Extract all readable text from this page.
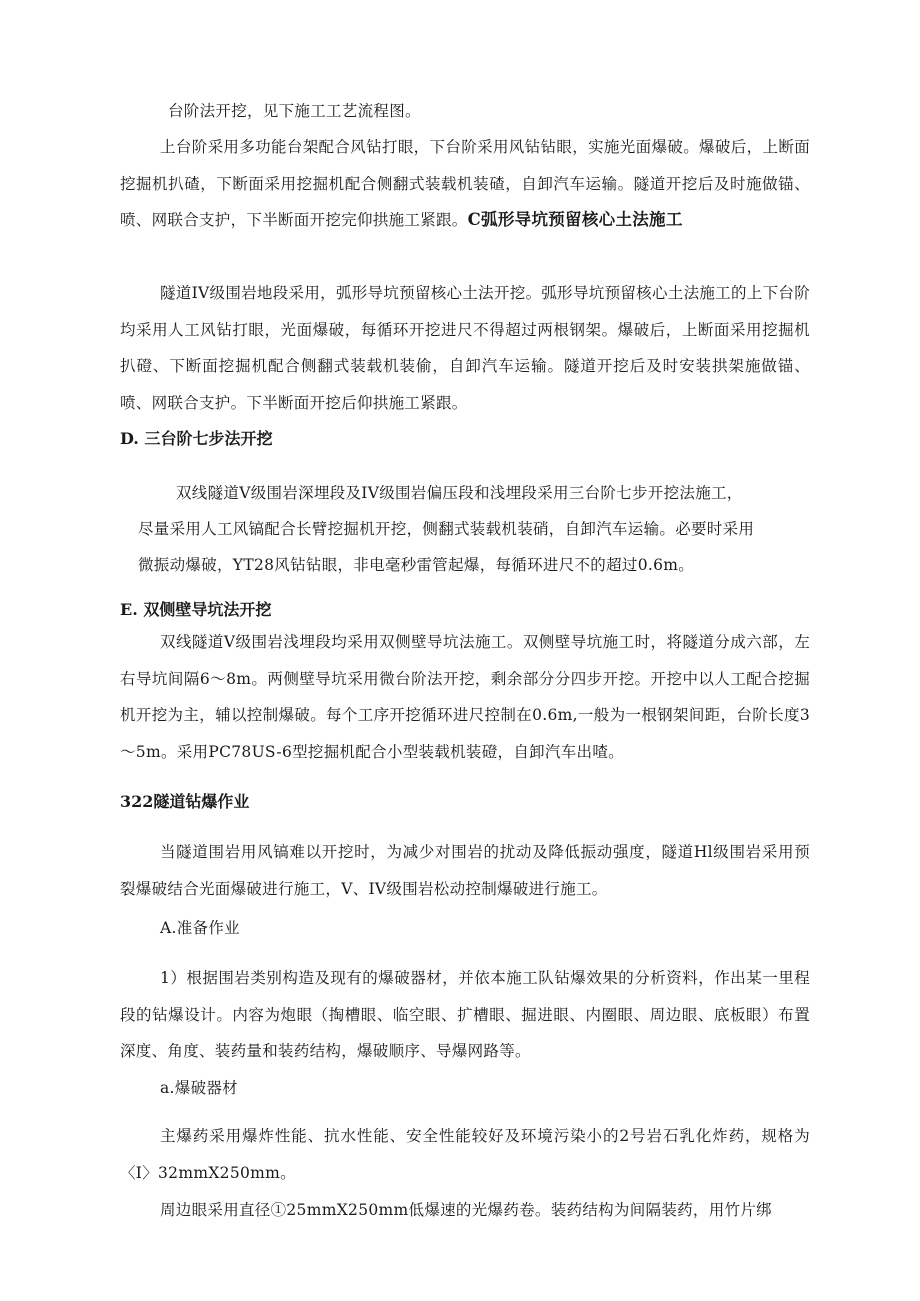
台阶法开挖，见下施工工艺流程图。

上台阶采用多功能台架配合风钻打眼，下台阶采用风钻钻眼，实施光面爆破。爆破后，上断面挖掘机扒碴，下断面采用挖掘机配合侧翻式装载机装碴，自卸汽车运输。隧道开挖后及时施做锚、喷、网联合支护，下半断面开挖完仰拱施工紧跟。C弧形导坑预留核心土法施工

隧道IV级围岩地段采用，弧形导坑预留核心土法开挖。弧形导坑预留核心土法施工的上下台阶均采用人工风钻打眼，光面爆破，每循环开挖进尺不得超过两根钢架。爆破后，上断面采用挖掘机扒磴、下断面挖掘机配合侧翻式装载机装偷，自卸汽车运输。隧道开挖后及时安装拱架施做锚、喷、网联合支护。下半断面开挖后仰拱施工紧跟。

D. 三台阶七步法开挖

双线隧道V级围岩深埋段及IV级围岩偏压段和浅埋段采用三台阶七步开挖法施工，

尽量采用人工风镐配合长臂挖掘机开挖，侧翻式装载机装硝，自卸汽车运输。必要时采用

微振动爆破，YT28风钻钻眼，非电毫秒雷管起爆，每循环进尺不的超过0.6m。

E. 双侧壁导坑法开挖

双线隧道V级围岩浅埋段均采用双侧壁导坑法施工。双侧壁导坑施工时，将隧道分成六部，左右导坑间隔6～8m。两侧壁导坑采用微台阶法开挖，剩余部分分四步开挖。开挖中以人工配合挖掘机开挖为主，辅以控制爆破。每个工序开挖循环进尺控制在0.6m,一般为一根钢架间距，台阶长度3～5m。采用PC78US-6型挖掘机配合小型装载机装磴，自卸汽车出喳。

322隧道钻爆作业

当隧道围岩用风镐难以开挖时，为减少对围岩的扰动及降低振动强度，隧道Hl级围岩采用预裂爆破结合光面爆破进行施工，V、IV级围岩松动控制爆破进行施工。

A.准备作业

1）根据围岩类别构造及现有的爆破器材，并依本施工队钻爆效果的分析资料，作出某一里程段的钻爆设计。内容为炮眼（掏槽眼、临空眼、扩槽眼、掘进眼、内圈眼、周边眼、底板眼）布置深度、角度、装药量和装药结构，爆破顺序、导爆网路等。

a.爆破器材

主爆药采用爆炸性能、抗水性能、安全性能较好及环境污染小的2号岩石乳化炸药，规格为〈I〉32mmX250mm。

周边眼采用直径①25mmX250mm低爆速的光爆药卷。装药结构为间隔装药，用竹片绑
